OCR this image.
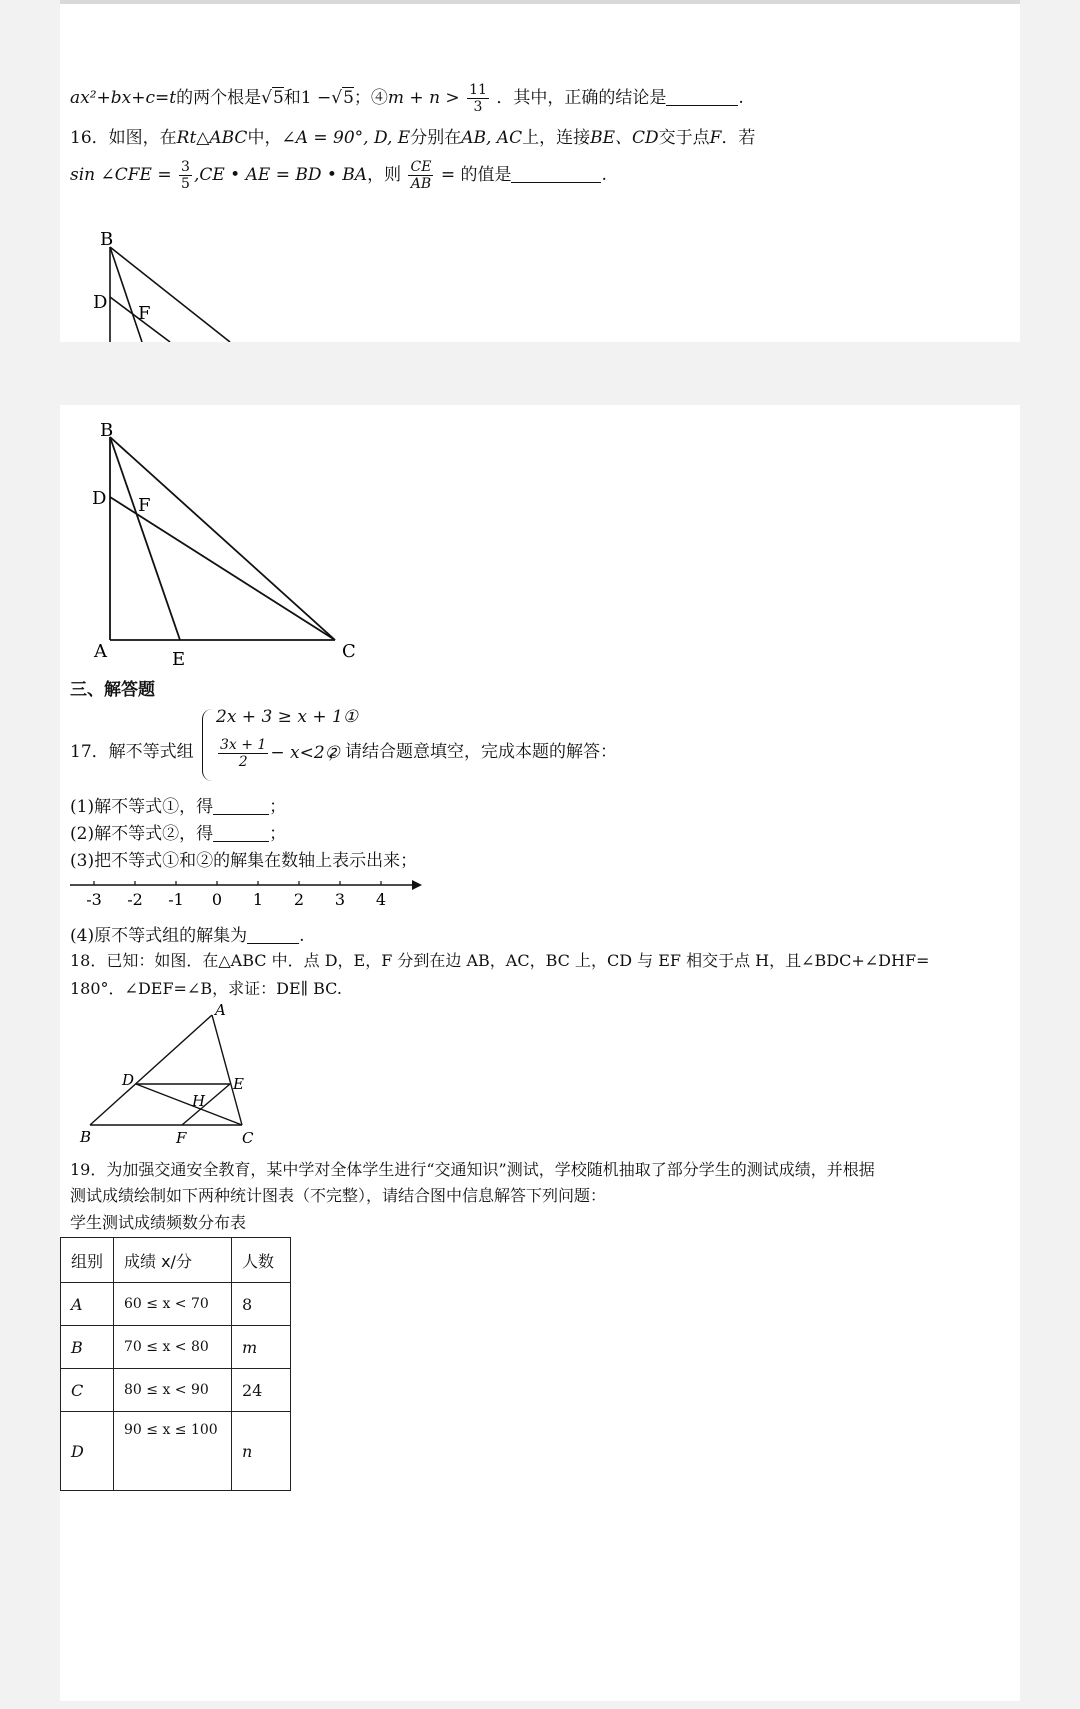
ax²+bx+c=t的两个根是√5和1 −√5；④m + $n > \frac{11}{3}$ ．其中，正确的结论是	.
16．如图，在Rt△ABC中，∠A = 90°, D, E分别在AB, AC上，连接BE、CD交于点F．若
sin ∠CFE = $\frac{3}{5} ,CE$ • AE = BD • BA，则 $\frac{CE}{AB}$ = 的值是	.
B
D
F
B
D F
A	E	C
三、解答题
17．解不等式组
2x + 3 ≥ x + 1①
$\frac{3x + 1}{2}$ − x<2②
，请结合题意填空，完成本题的解答：
(1)解不等式①，得	；
(2)解不等式②，得	；
(3)把不等式①和②的解集在数轴上表示出来；
-3 -2 -1 0 1 2 3 4
(4)原不等式组的解集为	.
18．已知：如图．在△ABC 中．点 D，E，F 分到在边 AB，AC，BC 上，CD 与 EF 相交于点 H，且∠BDC+∠DHF=
180°．∠DEF=∠B，求证：DE∥ BC.
A
D	E
H
B	F	C
19．为加强交通安全教育，某中学对全体学生进行“交通知识”测试，学校随机抽取了部分学生的测试成绩，并根据
测试成绩绘制如下两种统计图表（不完整），请结合图中信息解答下列问题：
学生测试成绩频数分布表
组别	成绩 x/分	人数
A	60 ≤ x < 70	8
B	70 ≤ x < 80	m
C	80 ≤ x < 90	24
D	90 ≤ x ≤ 100	n
